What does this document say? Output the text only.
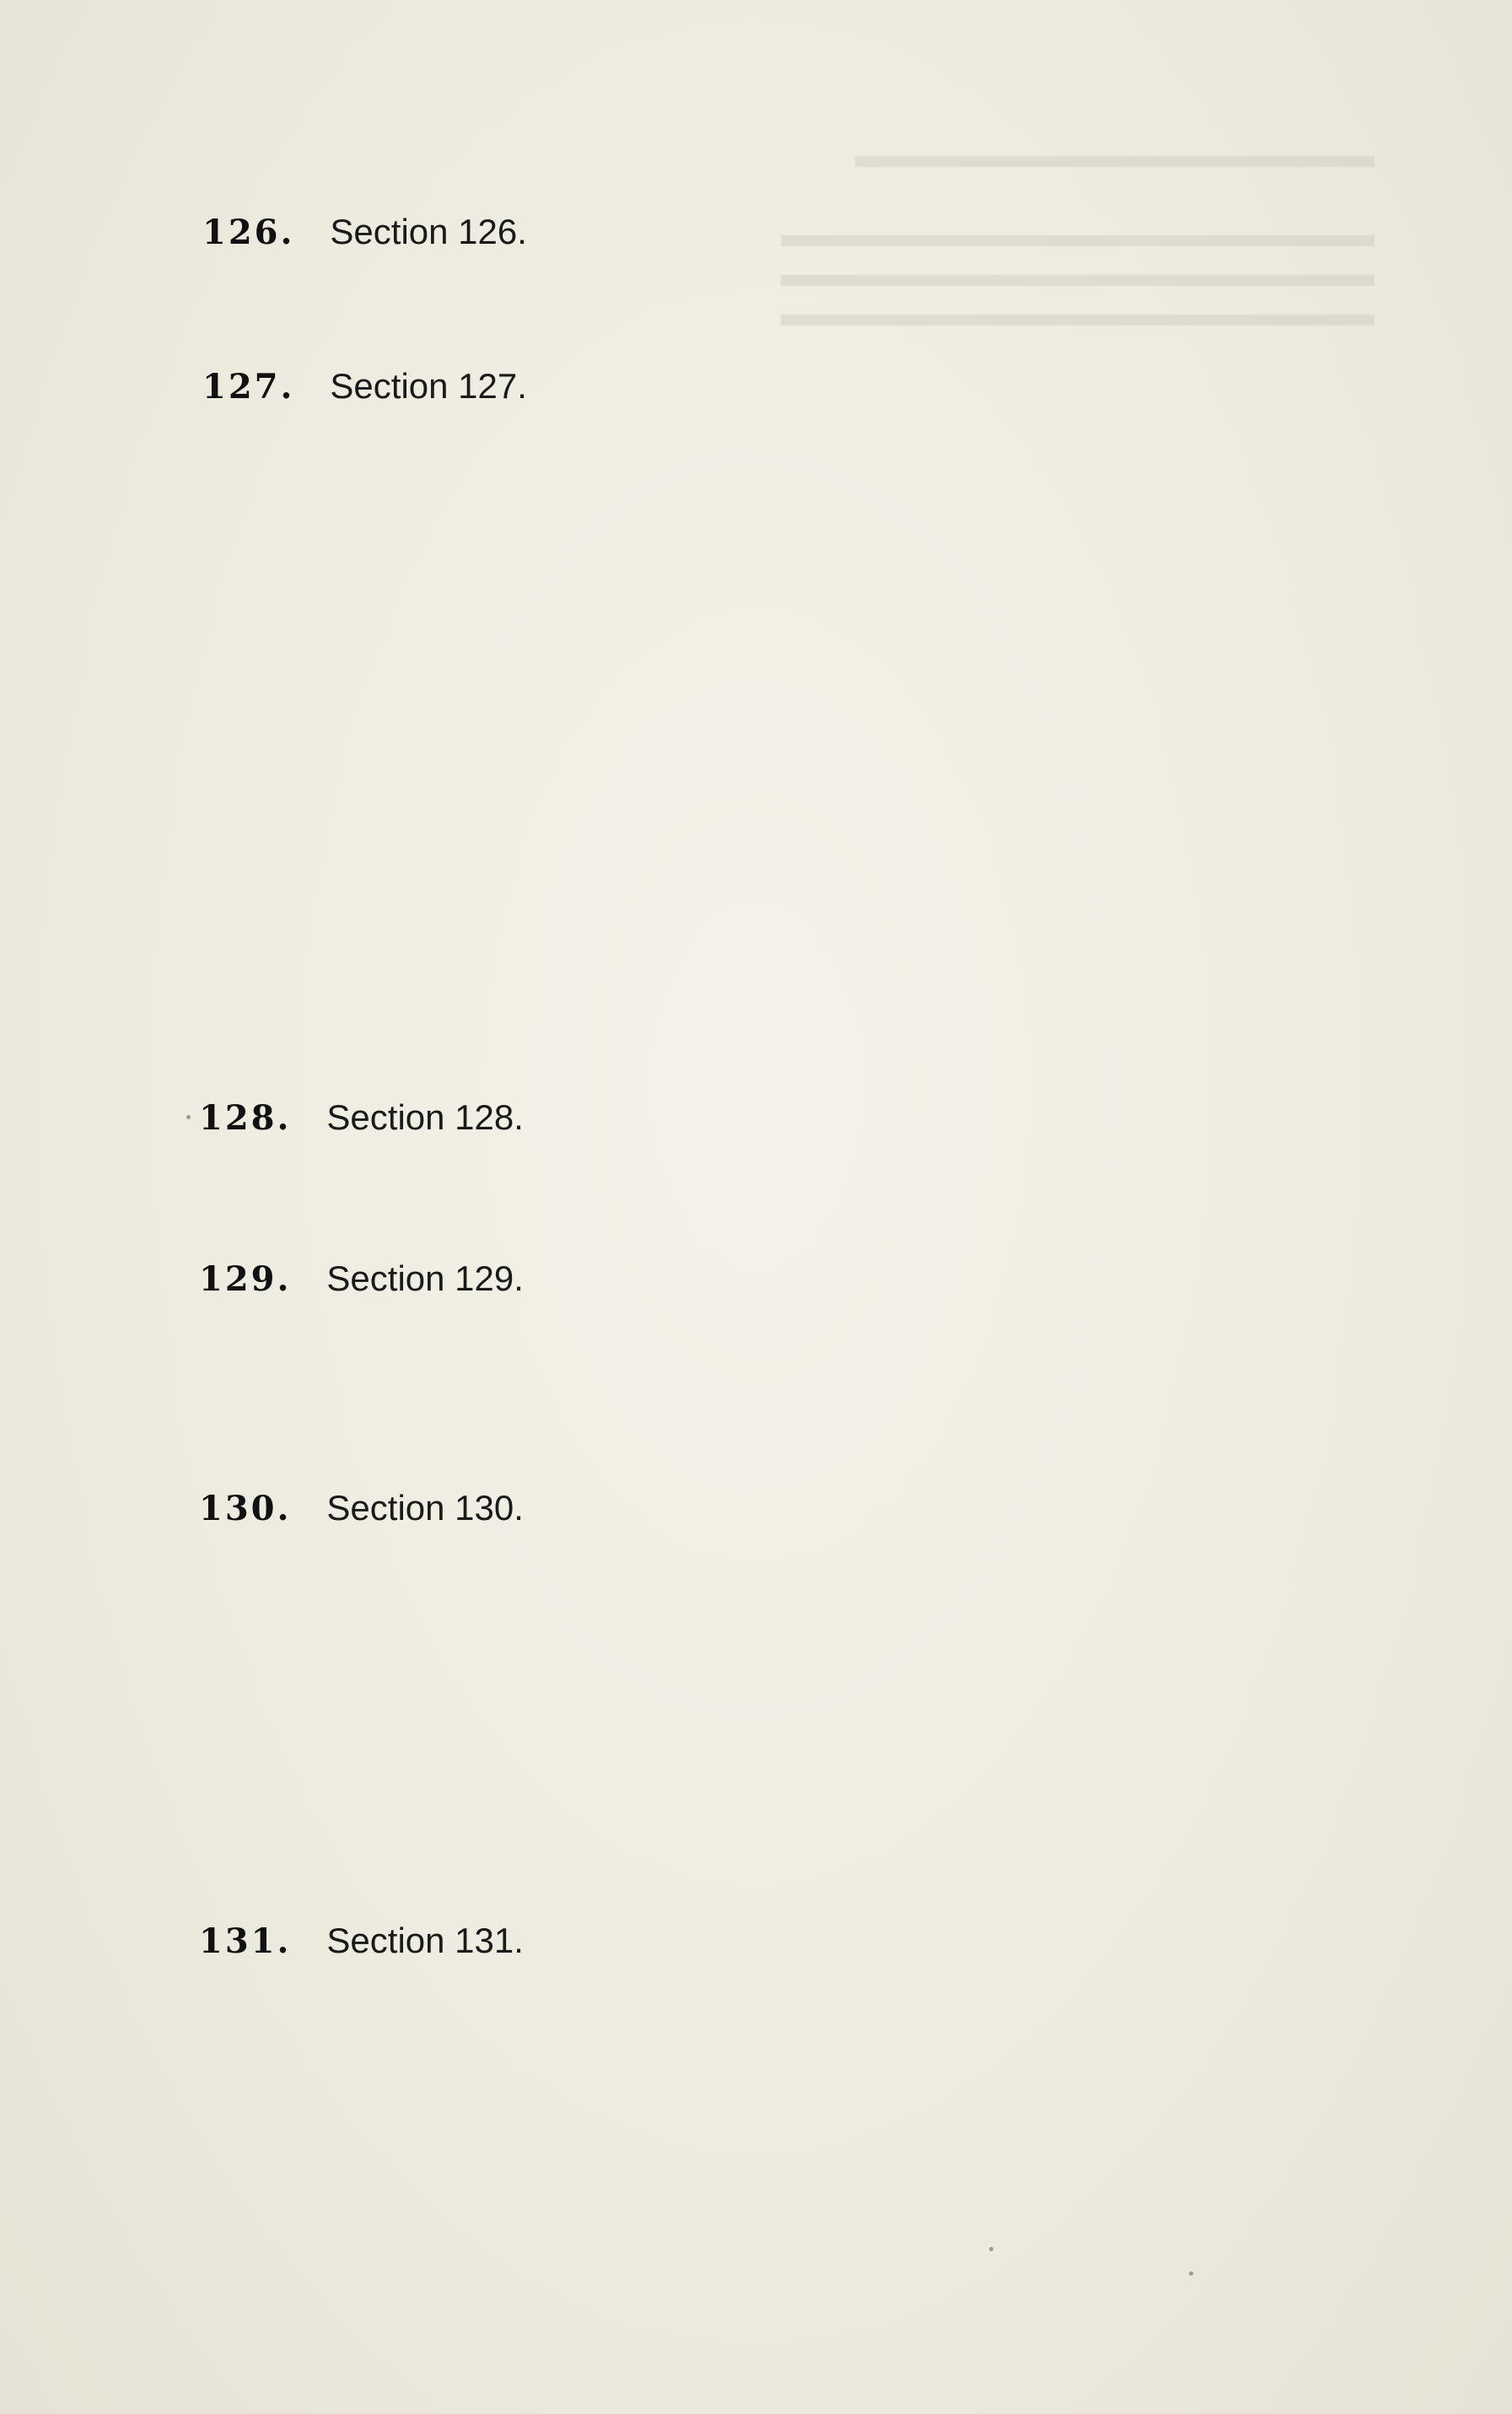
▬▬▬▬▬▬▬▬▬▬▬▬▬▬
▬▬▬▬▬▬▬▬▬▬▬▬▬▬▬▬
▬▬▬▬▬▬▬▬▬▬▬▬▬▬▬▬
▬▬▬▬▬▬▬▬▬▬▬▬▬▬▬▬
126. Section 126.
127. Section 127.
128. Section 128.
129. Section 129.
130. Section 130.
131. Section 131.
